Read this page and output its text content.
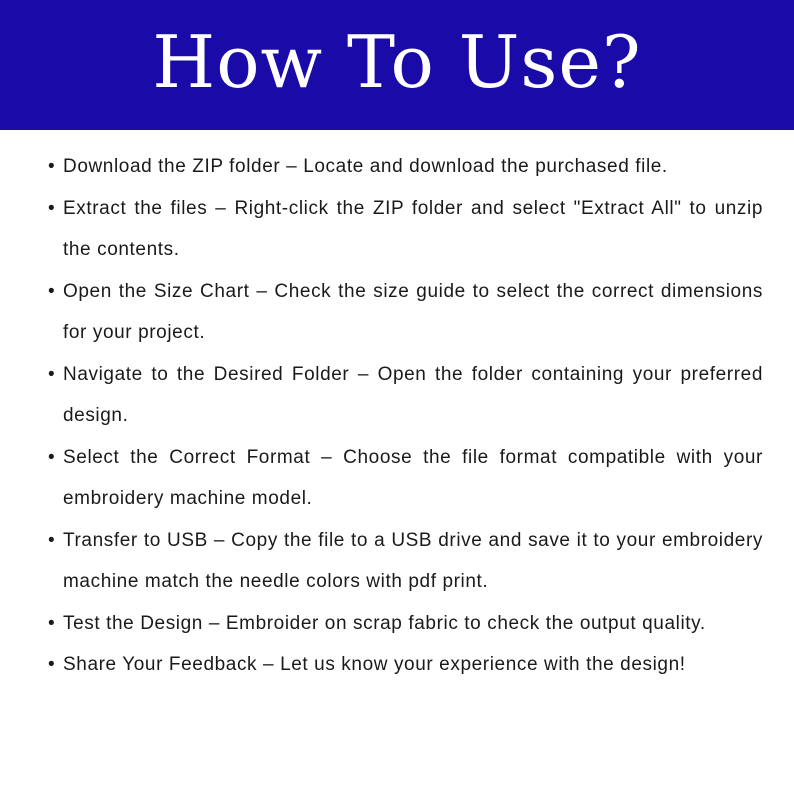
How To Use?
• Download the ZIP folder – Locate and download the purchased file.
• Extract the files – Right-click the ZIP folder and select "Extract All" to unzip the contents.
• Open the Size Chart – Check the size guide to select the correct dimensions for your project.
• Navigate to the Desired Folder – Open the folder containing your preferred design.
• Select the Correct Format – Choose the file format compatible with your embroidery machine model.
• Transfer to USB – Copy the file to a USB drive and save it to your embroidery machine match the needle colors with pdf print.
• Test the Design – Embroider on scrap fabric to check the output quality.
• Share Your Feedback – Let us know your experience with the design!
